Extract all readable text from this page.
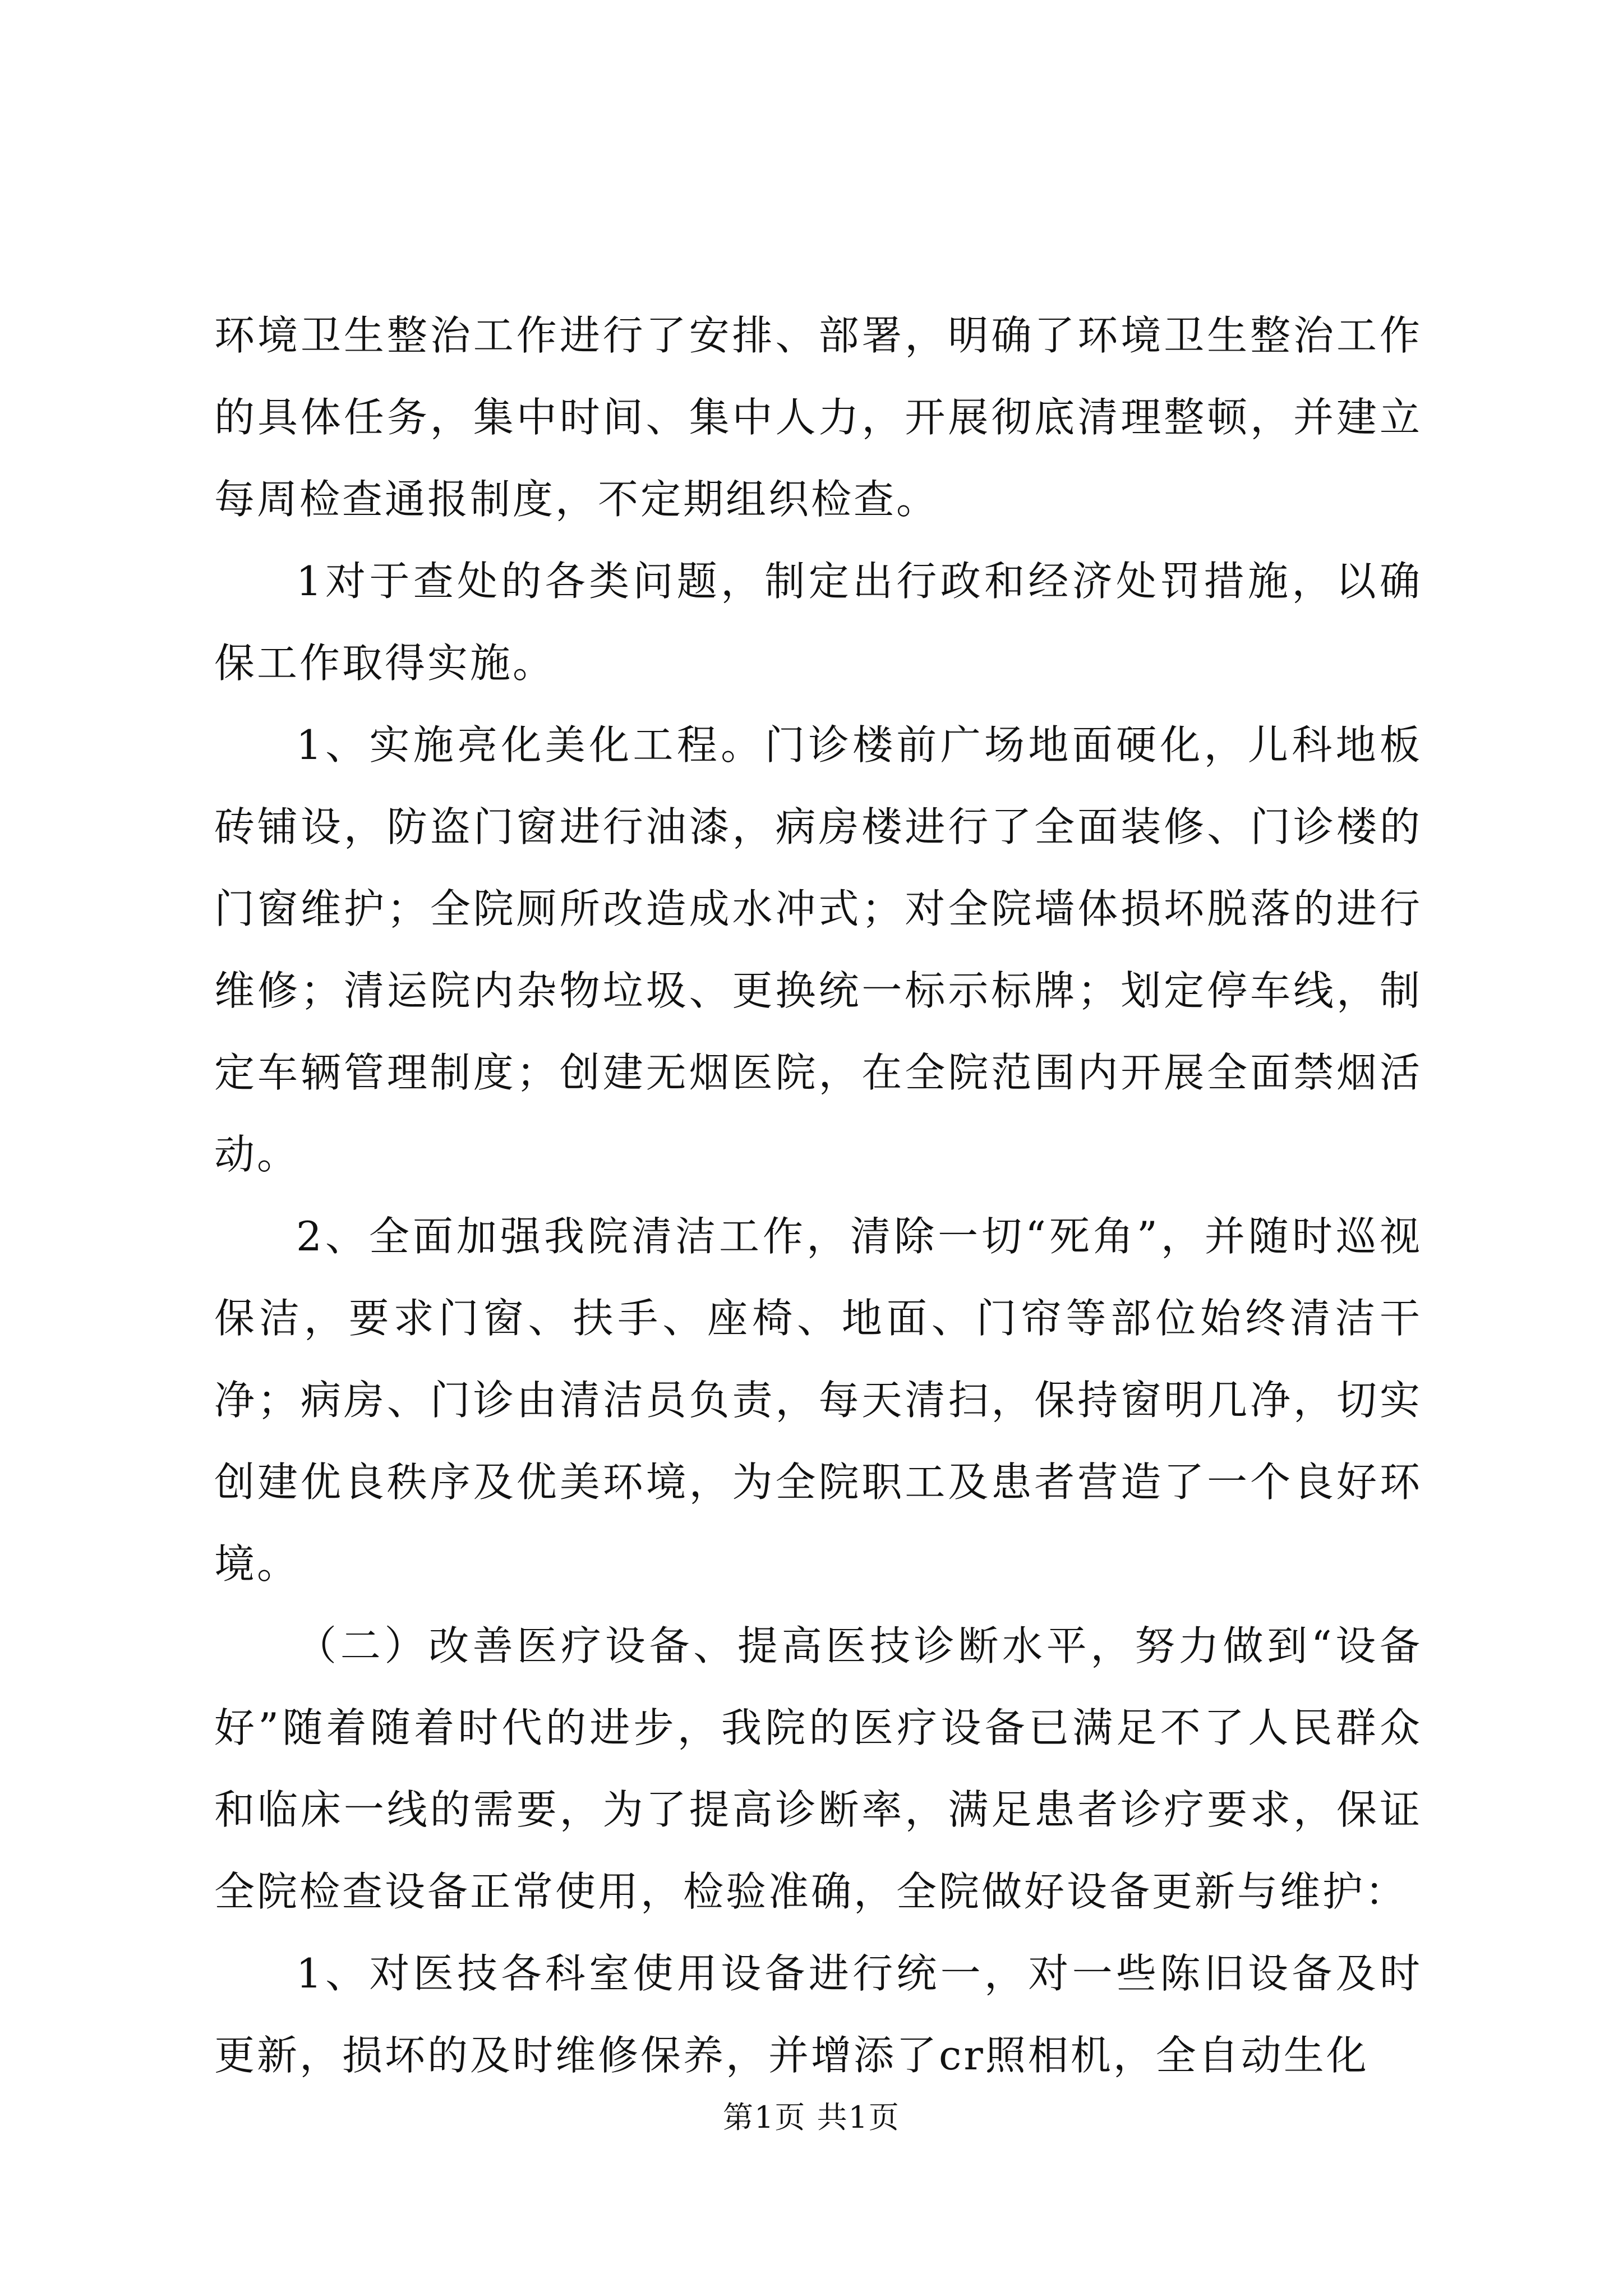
环境卫生整治工作进行了安排、部署，明确了环境卫生整治工作的具体任务，集中时间、集中人力，开展彻底清理整顿，并建立每周检查通报制度，不定期组织检查。

1对于查处的各类问题，制定出行政和经济处罚措施，以确保工作取得实施。

1、实施亮化美化工程。门诊楼前广场地面硬化，儿科地板砖铺设，防盗门窗进行油漆，病房楼进行了全面装修、门诊楼的门窗维护；全院厕所改造成水冲式；对全院墙体损坏脱落的进行维修；清运院内杂物垃圾、更换统一标示标牌；划定停车线，制定车辆管理制度；创建无烟医院，在全院范围内开展全面禁烟活动。

2、全面加强我院清洁工作，清除一切“死角”，并随时巡视保洁，要求门窗、扶手、座椅、地面、门帘等部位始终清洁干净；病房、门诊由清洁员负责，每天清扫，保持窗明几净，切实创建优良秩序及优美环境，为全院职工及患者营造了一个良好环境。

（二）改善医疗设备、提高医技诊断水平，努力做到“设备好”随着随着时代的进步，我院的医疗设备已满足不了人民群众和临床一线的需要，为了提高诊断率，满足患者诊疗要求，保证全院检查设备正常使用，检验准确，全院做好设备更新与维护：

1、对医技各科室使用设备进行统一，对一些陈旧设备及时更新，损坏的及时维修保养，并增添了cr照相机，全自动生化

第1页 共1页
